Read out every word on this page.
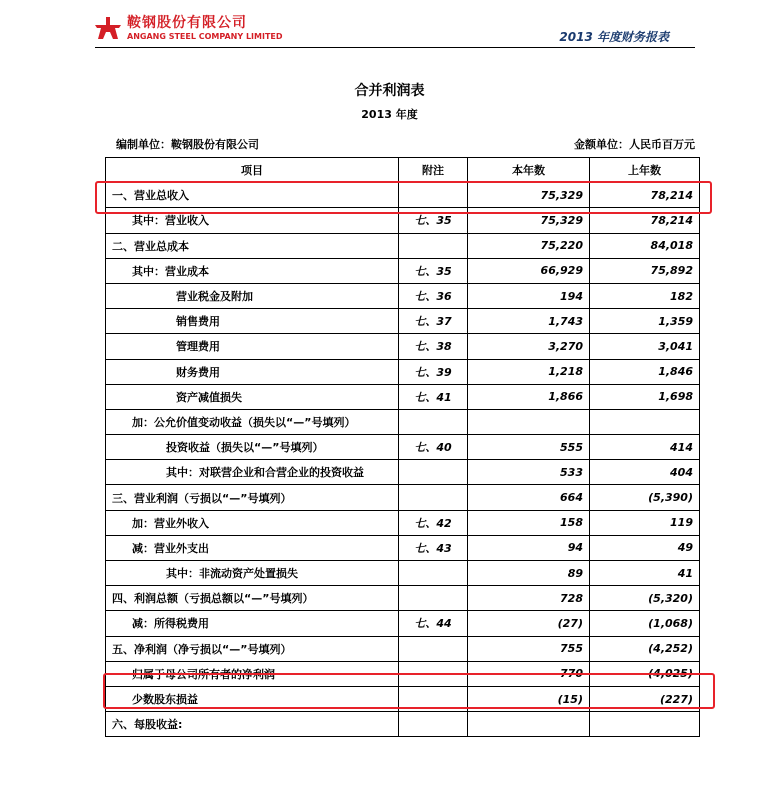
鞍钢股份有限公司
ANGANG STEEL COMPANY LIMITED	2013 年度财务报表
合并利润表
2013 年度
编制单位：鞍钢股份有限公司	金额单位：人民币百万元
项目	附注	本年数	上年数
一、营业总收入		75,329	78,214
其中：营业收入	七、35	75,329	78,214
二、营业总成本		75,220	84,018
其中：营业成本	七、35	66,929	75,892
营业税金及附加	七、36	194	182
销售费用	七、37	1,743	1,359
管理费用	七、38	3,270	3,041
财务费用	七、39	1,218	1,846
资产减值损失	七、41	1,866	1,698
加：公允价值变动收益（损失以“—”号填列）			
投资收益（损失以“—”号填列）	七、40	555	414
其中：对联营企业和合营企业的投资收益		533	404
三、营业利润（亏损以“—”号填列）		664	(5,390)
加：营业外收入	七、42	158	119
减：营业外支出	七、43	94	49
其中：非流动资产处置损失		89	41
四、利润总额（亏损总额以“—”号填列）		728	(5,320)
减：所得税费用	七、44	(27)	(1,068)
五、净利润（净亏损以“—”号填列）		755	(4,252)
归属于母公司所有者的净利润		770	(4,025)
少数股东损益		(15)	(227)
六、每股收益:			
